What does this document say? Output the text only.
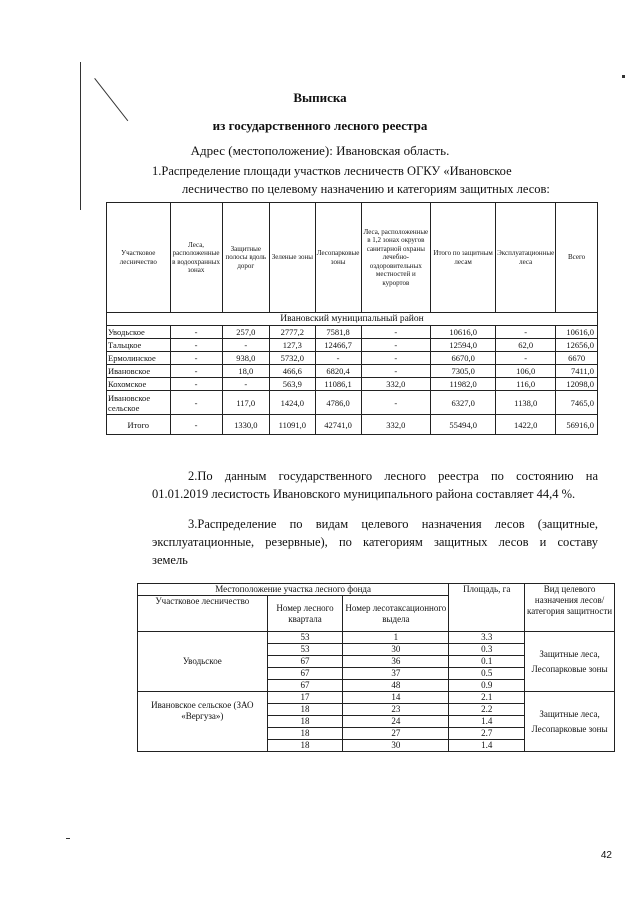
Выписка
из государственного лесного реестра
Адрес (местоположение): Ивановская область.
1.Распределение площади участков лесничеств ОГКУ «Ивановское
лесничество по целевому назначению и категориям защитных лесов:
Участковое лесничество	Леса, расположенные в водоохранных зонах	Защитные полосы вдоль дорог	Зеленые зоны	Лесопарковые зоны	Леса, расположенные в 1,2 зонах округов санитарной охраны лечебно-оздоровительных местностей и курортов	Итого по защитным лесам	Эксплуатационные леса	Всего
Ивановский муниципальный район								
Уводьское	-	257,0	2777,2	7581,8	-	10616,0	-	10616,0
Тальцкое	-	-	127,3	12466,7	-	12594,0	62,0	12656,0
Ермолинское	-	938,0	5732,0	-	-	6670,0	-	6670
Ивановское	-	18,0	466,6	6820,4	-	7305,0	106,0	7411,0
Кохомское	-	-	563,9	11086,1	332,0	11982,0	116,0	12098,0
Ивановское сельское	-	117,0	1424,0	4786,0	-	6327,0	1138,0	7465,0
Итого	-	1330,0	11091,0	42741,0	332,0	55494,0	1422,0	56916,0
2.По данным государственного лесного реестра по состоянию на
01.01.2019 лесистость Ивановского муниципального района составляет 44,4 %.
3.Распределение по видам целевого назначения лесов (защитные,
эксплуатационные, резервные), по категориям защитных лесов и составу
земель
Местоположение участка лесного фонда			Площадь, га	Вид целевого назначения лесов/категория защитности
Участковое лесничество	Номер лесного квартала	Номер лесотаксационного выдела		
Уводьское	53	1	3.3	Защитные леса, Лесопарковые зоны
	53	30	0.3	
	67	36	0.1	
	67	37	0.5	
	67	48	0.9	
Ивановское сельское (ЗАО «Вергуза»)	17	14	2.1	Защитные леса, Лесопарковые зоны
	18	23	2.2	
	18	24	1.4	
	18	27	2.7	
	18	30	1.4	
42
